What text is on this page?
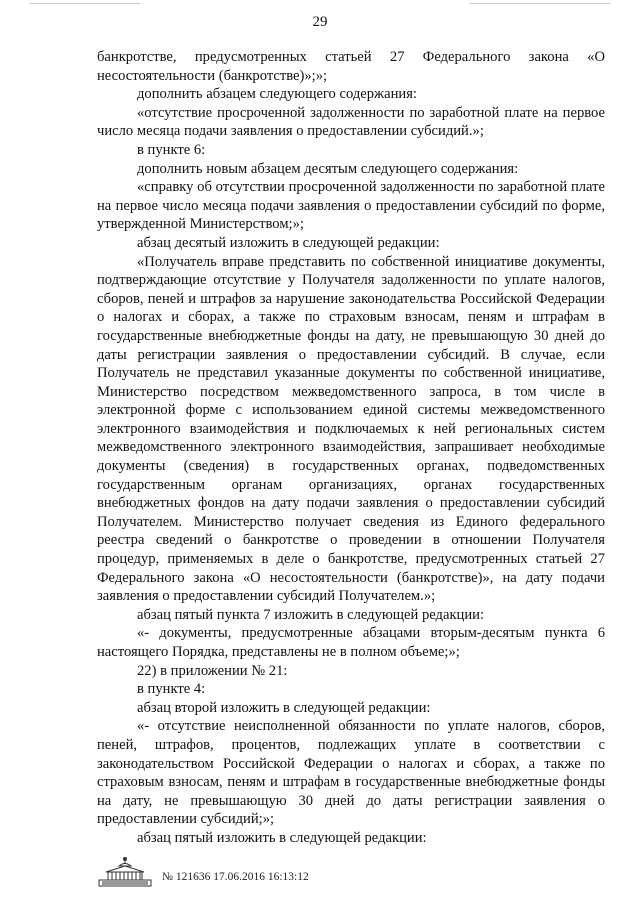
29

банкротстве, предусмотренных статьей 27 Федерального закона «О несостоятельности (банкротстве)»;»;

дополнить абзацем следующего содержания:

«отсутствие просроченной задолженности по заработной плате на первое число месяца подачи заявления о предоставлении субсидий.»;

в пункте 6:

дополнить новым абзацем десятым следующего содержания:

«справку об отсутствии просроченной задолженности по заработной плате на первое число месяца подачи заявления о предоставлении субсидий по форме, утвержденной Министерством;»;

абзац десятый изложить в следующей редакции:

«Получатель вправе представить по собственной инициативе документы, подтверждающие отсутствие у Получателя задолженности по уплате налогов, сборов, пеней и штрафов за нарушение законодательства Российской Федерации о налогах и сборах, а также по страховым взносам, пеням и штрафам в государственные внебюджетные фонды на дату, не превышающую 30 дней до даты регистрации заявления о предоставлении субсидий. В случае, если Получатель не представил указанные документы по собственной инициативе, Министерство посредством межведомственного запроса, в том числе в электронной форме с использованием единой системы межведомственного электронного взаимодействия и подключаемых к ней региональных систем межведомственного электронного взаимодействия, запрашивает необходимые документы (сведения) в государственных органах, подведомственных государственным органам организациях, органах государственных внебюджетных фондов на дату подачи заявления о предоставлении субсидий Получателем. Министерство получает сведения из Единого федерального реестра сведений о банкротстве о проведении в отношении Получателя процедур, применяемых в деле о банкротстве, предусмотренных статьей 27 Федерального закона «О несостоятельности (банкротстве)», на дату подачи заявления о предоставлении субсидий Получателем.»;

абзац пятый пункта 7 изложить в следующей редакции:

«- документы, предусмотренные абзацами вторым-десятым пункта 6 настоящего Порядка, представлены не в полном объеме;»;

22) в приложении № 21:

в пункте 4:

абзац второй изложить в следующей редакции:

«- отсутствие неисполненной обязанности по уплате налогов, сборов, пеней, штрафов, процентов, подлежащих уплате в соответствии с законодательством Российской Федерации о налогах и сборах, а также по страховым взносам, пеням и штрафам в государственные внебюджетные фонды на дату, не превышающую 30 дней до даты регистрации заявления о предоставлении субсидий;»;

абзац пятый изложить в следующей редакции:

№ 121636 17.06.2016 16:13:12
